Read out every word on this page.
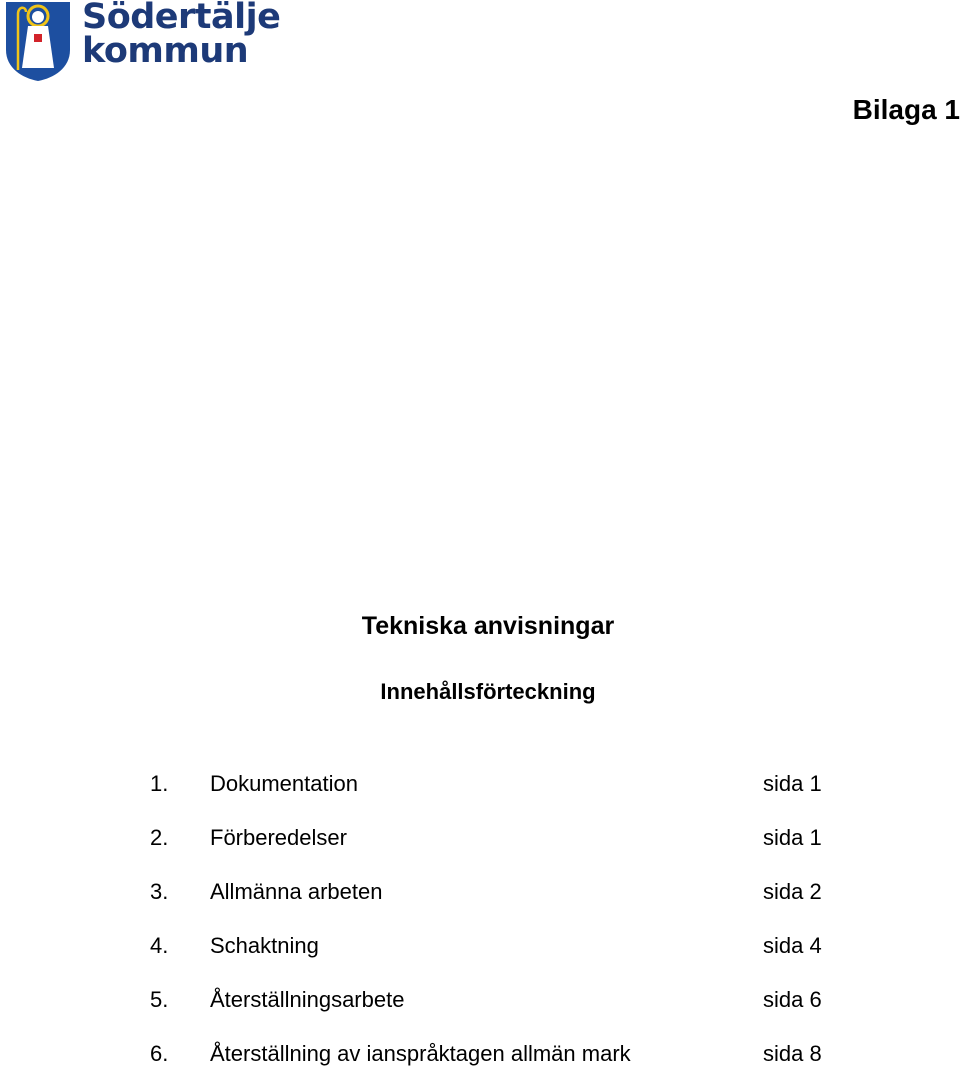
Södertälje
kommun
Bilaga 1
Tekniska anvisningar
Innehållsförteckning
1. Dokumentation	sida 1
2. Förberedelser	sida 1
3. Allmänna arbeten	sida 2
4. Schaktning	sida 4
5. Återställningsarbete	sida 6
6. Återställning av ianspråktagen allmän mark	sida 8
